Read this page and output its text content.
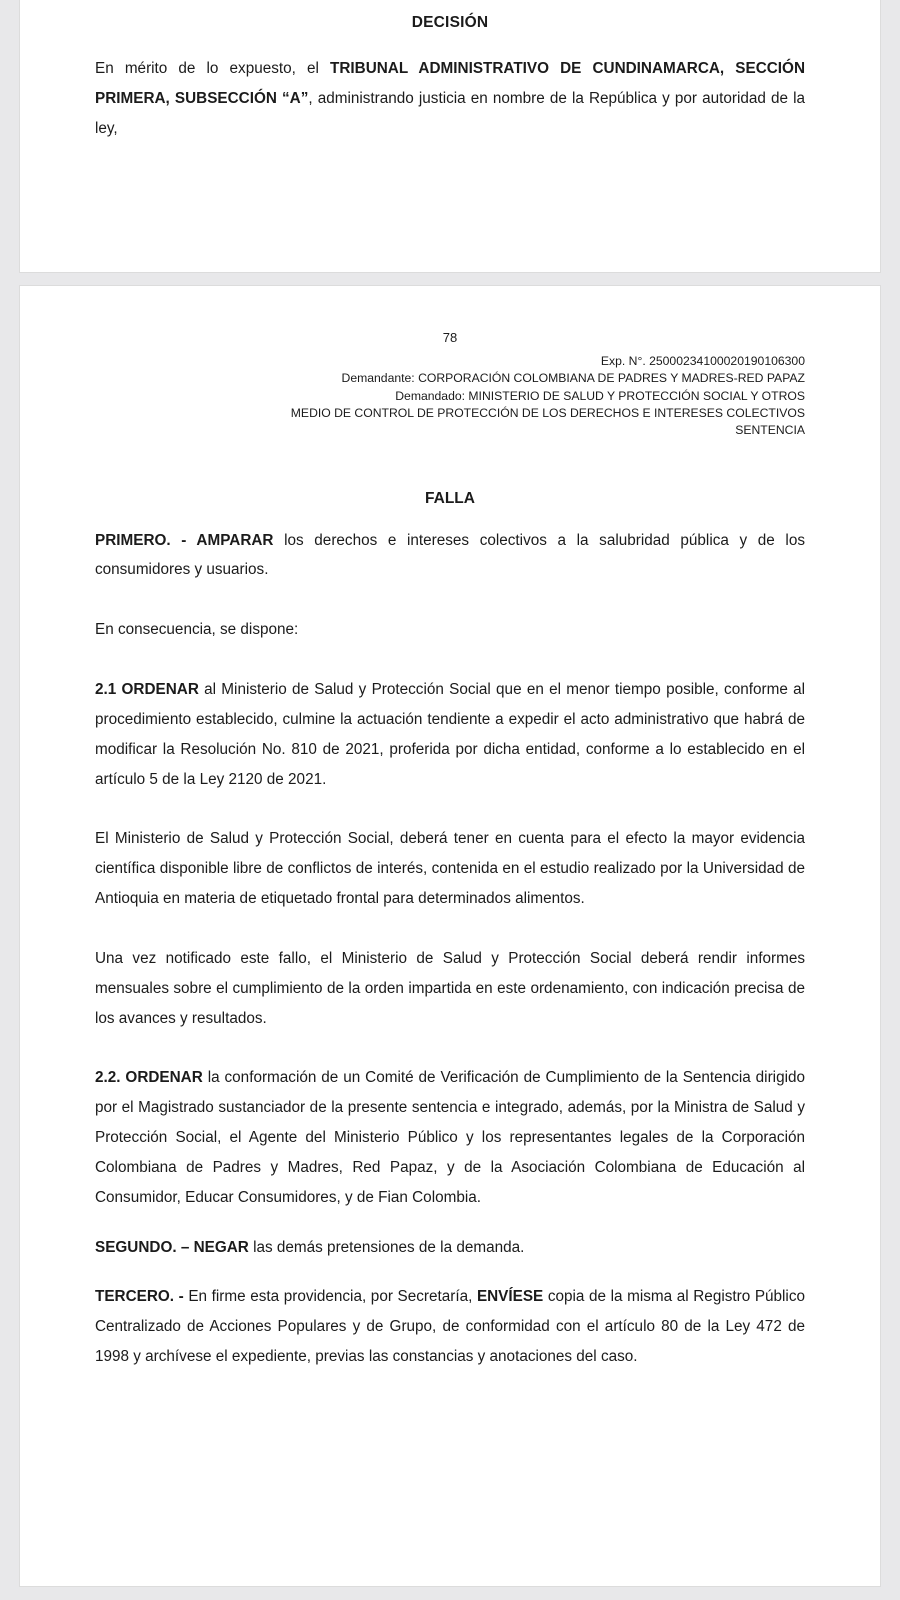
DECISIÓN

En mérito de lo expuesto, el TRIBUNAL ADMINISTRATIVO DE CUNDINAMARCA, SECCIÓN PRIMERA, SUBSECCIÓN “A”, administrando justicia en nombre de la República y por autoridad de la ley,

78

Exp. N°. 25000234100020190106300
Demandante: CORPORACIÓN COLOMBIANA DE PADRES Y MADRES-RED PAPAZ
Demandado: MINISTERIO DE SALUD Y PROTECCIÓN SOCIAL Y OTROS
MEDIO DE CONTROL DE PROTECCIÓN DE LOS DERECHOS E INTERESES COLECTIVOS
SENTENCIA
FALLA

PRIMERO. - AMPARAR los derechos e intereses colectivos a la salubridad pública y de los consumidores y usuarios.

En consecuencia, se dispone:

2.1 ORDENAR al Ministerio de Salud y Protección Social que en el menor tiempo posible, conforme al procedimiento establecido, culmine la actuación tendiente a expedir el acto administrativo que habrá de modificar la Resolución No. 810 de 2021, proferida por dicha entidad, conforme a lo establecido en el artículo 5 de la Ley 2120 de 2021.

El Ministerio de Salud y Protección Social, deberá tener en cuenta para el efecto la mayor evidencia científica disponible libre de conflictos de interés, contenida en el estudio realizado por la Universidad de Antioquia en materia de etiquetado frontal para determinados alimentos.

Una vez notificado este fallo, el Ministerio de Salud y Protección Social deberá rendir informes mensuales sobre el cumplimiento de la orden impartida en este ordenamiento, con indicación precisa de los avances y resultados.

2.2. ORDENAR la conformación de un Comité de Verificación de Cumplimiento de la Sentencia dirigido por el Magistrado sustanciador de la presente sentencia e integrado, además, por la Ministra de Salud y Protección Social, el Agente del Ministerio Público y los representantes legales de la Corporación Colombiana de Padres y Madres, Red Papaz, y de la Asociación Colombiana de Educación al Consumidor, Educar Consumidores, y de Fian Colombia.

SEGUNDO. – NEGAR las demás pretensiones de la demanda.

TERCERO. - En firme esta providencia, por Secretaría, ENVÍESE copia de la misma al Registro Público Centralizado de Acciones Populares y de Grupo, de conformidad con el artículo 80 de la Ley 472 de 1998 y archívese el expediente, previas las constancias y anotaciones del caso.
